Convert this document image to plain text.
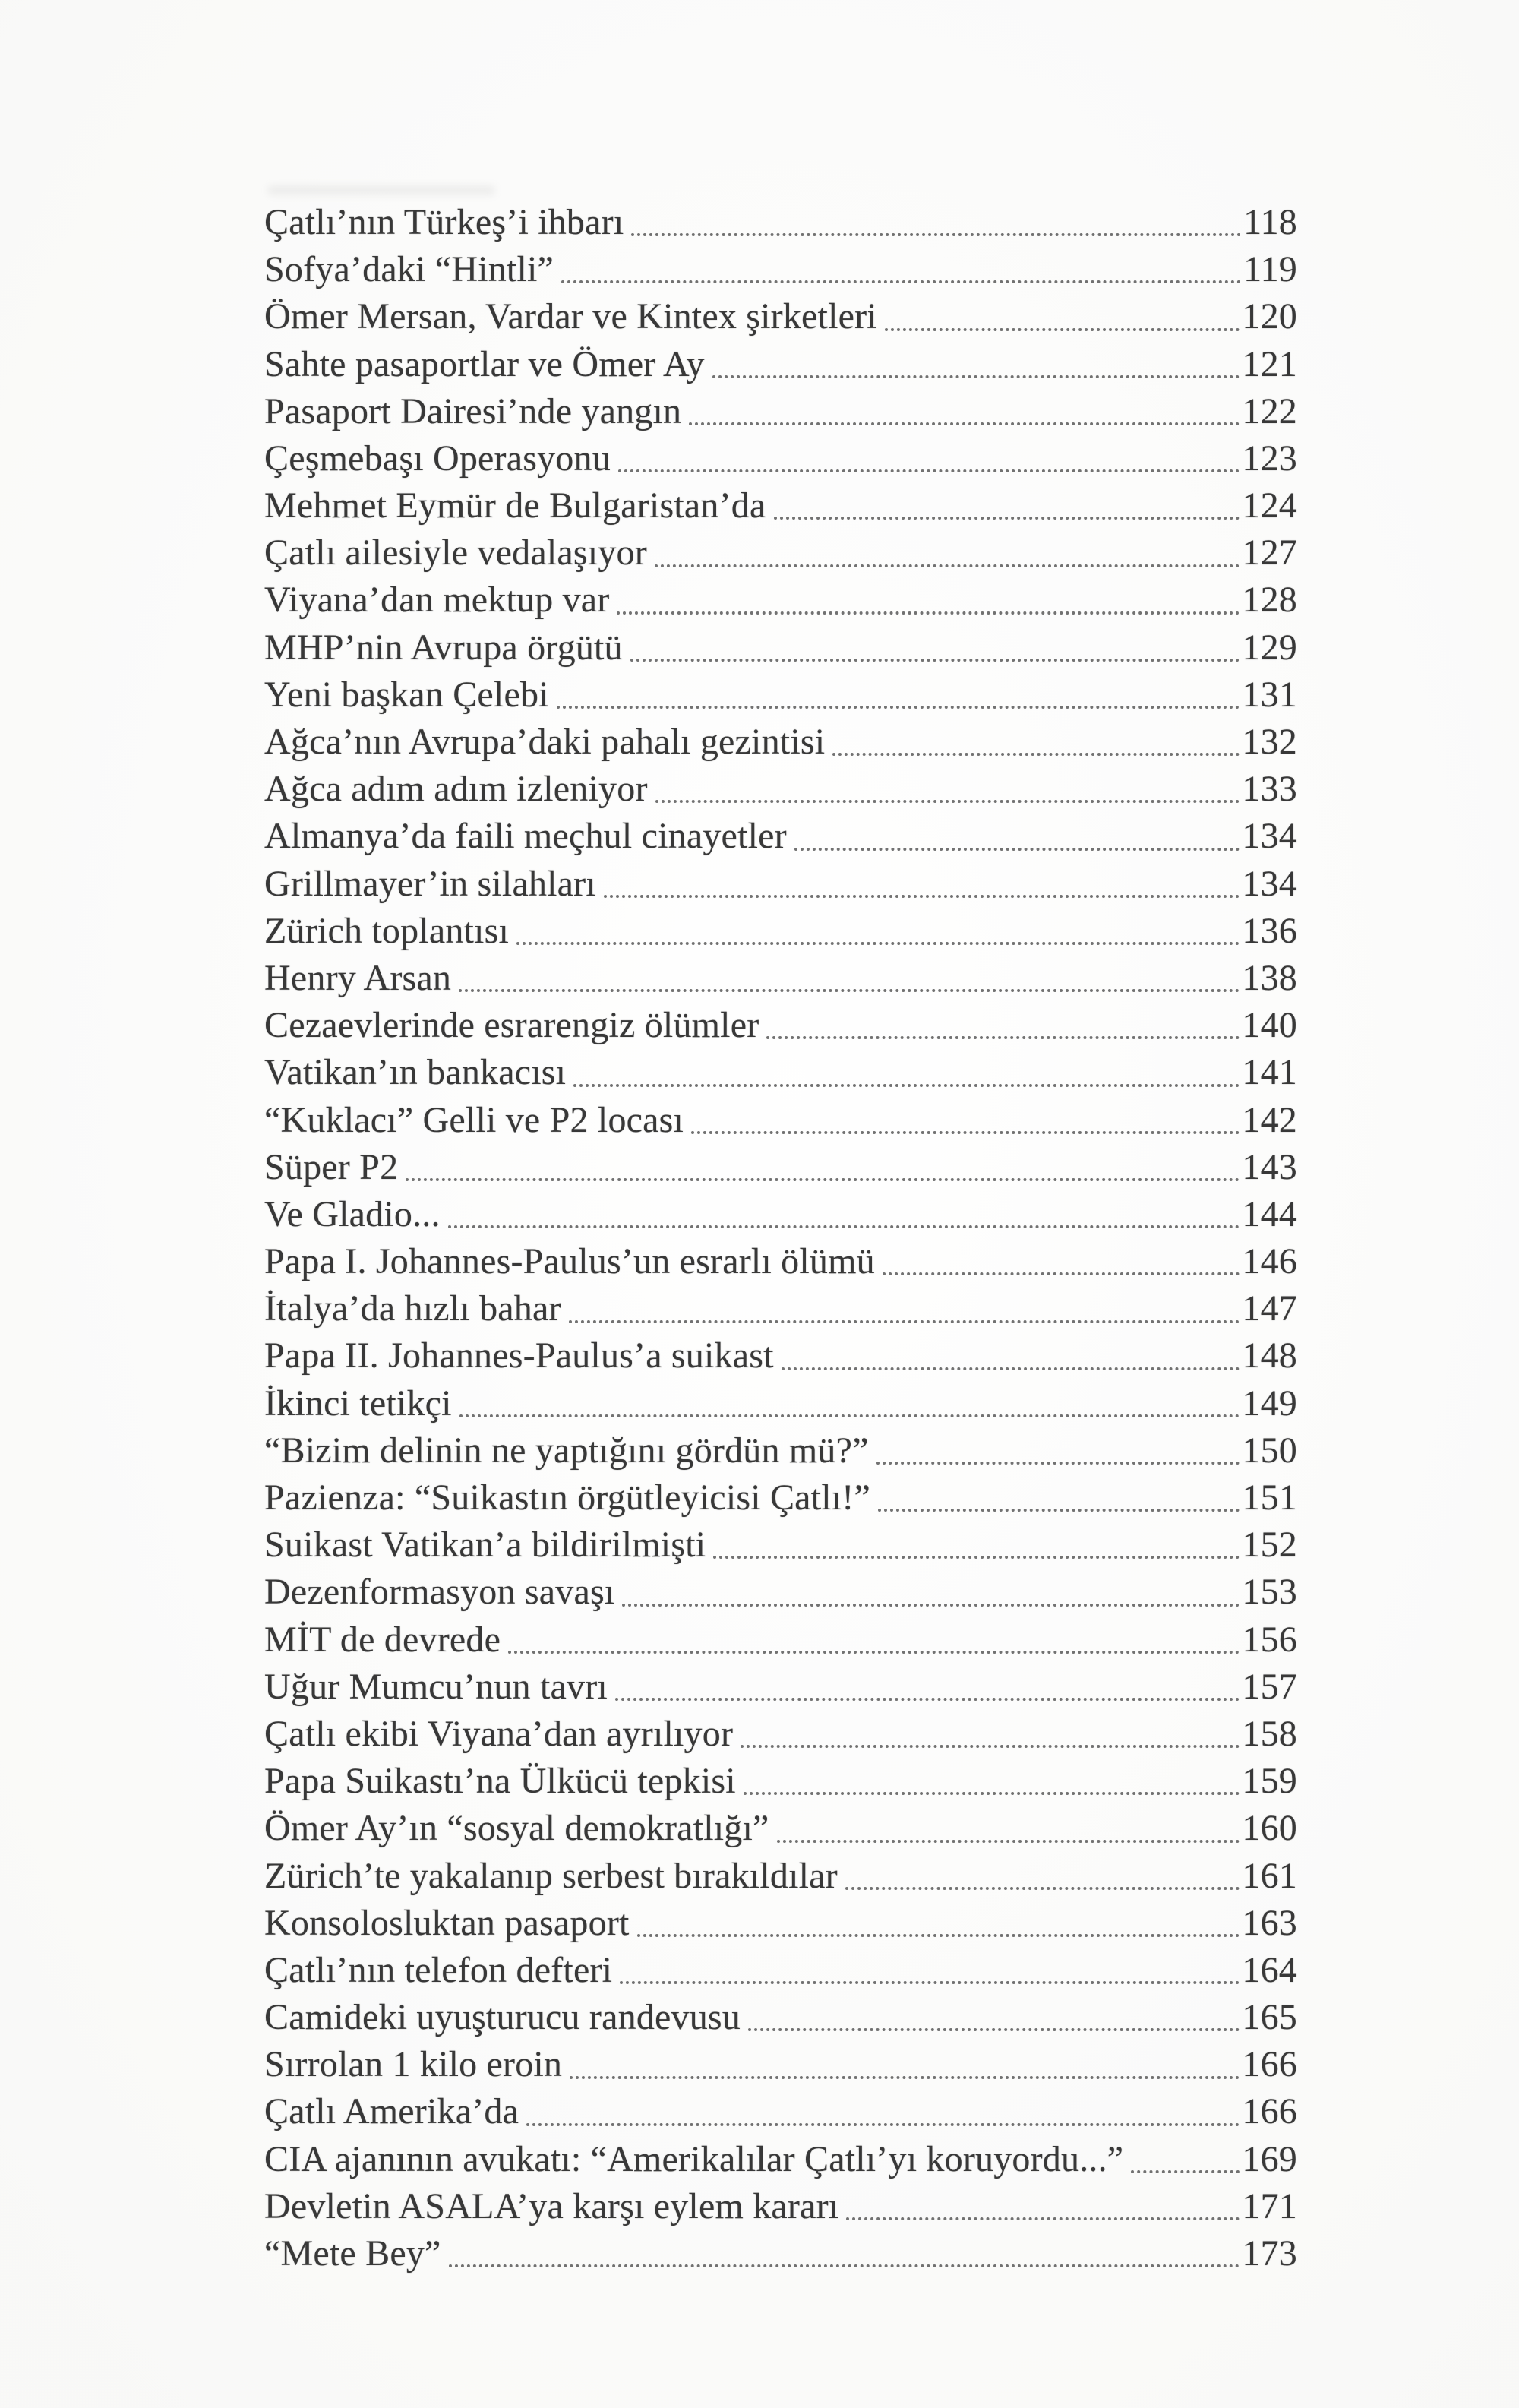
Çatlı’nın Türkeş’i ihbarı	118
Sofya’daki “Hintli”	119
Ömer Mersan, Vardar ve Kintex şirketleri	120
Sahte pasaportlar ve Ömer Ay	121
Pasaport Dairesi’nde yangın	122
Çeşmebaşı Operasyonu	123
Mehmet Eymür de Bulgaristan’da	124
Çatlı ailesiyle vedalaşıyor	127
Viyana’dan mektup var	128
MHP’nin Avrupa örgütü	129
Yeni başkan Çelebi	131
Ağca’nın Avrupa’daki pahalı gezintisi	132
Ağca adım adım izleniyor	133
Almanya’da faili meçhul cinayetler	134
Grillmayer’in silahları	134
Zürich toplantısı	136
Henry Arsan	138
Cezaevlerinde esrarengiz ölümler	140
Vatikan’ın bankacısı	141
“Kuklacı” Gelli ve P2 locası	142
Süper P2	143
Ve Gladio...	144
Papa I. Johannes-Paulus’un esrarlı ölümü	146
İtalya’da hızlı bahar	147
Papa II. Johannes-Paulus’a suikast	148
İkinci tetikçi	149
“Bizim delinin ne yaptığını gördün mü?”	150
Pazienza: “Suikastın örgütleyicisi Çatlı!”	151
Suikast Vatikan’a bildirilmişti	152
Dezenformasyon savaşı	153
MİT de devrede	156
Uğur Mumcu’nun tavrı	157
Çatlı ekibi Viyana’dan ayrılıyor	158
Papa Suikastı’na Ülkücü tepkisi	159
Ömer Ay’ın “sosyal demokratlığı”	160
Zürich’te yakalanıp serbest bırakıldılar	161
Konsolosluktan pasaport	163
Çatlı’nın telefon defteri	164
Camideki uyuşturucu randevusu	165
Sırrolan 1 kilo eroin	166
Çatlı Amerika’da	166
CIA ajanının avukatı: “Amerikalılar Çatlı’yı koruyordu...”	169
Devletin ASALA’ya karşı eylem kararı	171
“Mete Bey”	173
